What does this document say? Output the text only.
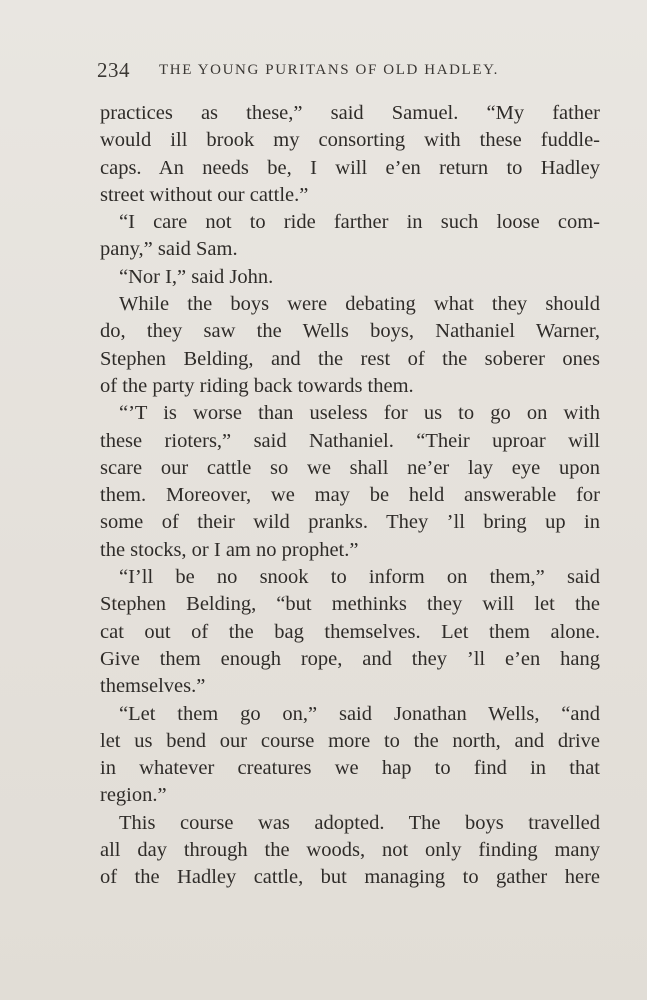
234 THE YOUNG PURITANS OF OLD HADLEY.
practices as these,” said Samuel. “My father
would ill brook my consorting with these fuddle-
caps. An needs be, I will e’en return to Hadley
street without our cattle.”
“I care not to ride farther in such loose com-
pany,” said Sam.
“Nor I,” said John.
While the boys were debating what they should
do, they saw the Wells boys, Nathaniel Warner,
Stephen Belding, and the rest of the soberer ones
of the party riding back towards them.
“’T is worse than useless for us to go on with
these rioters,” said Nathaniel. “Their uproar will
scare our cattle so we shall ne’er lay eye upon
them. Moreover, we may be held answerable for
some of their wild pranks. They ’ll bring up in
the stocks, or I am no prophet.”
“I’ll be no snook to inform on them,” said
Stephen Belding, “but methinks they will let the
cat out of the bag themselves. Let them alone.
Give them enough rope, and they ’ll e’en hang
themselves.”
“Let them go on,” said Jonathan Wells, “and
let us bend our course more to the north, and drive
in whatever creatures we hap to find in that
region.”
This course was adopted. The boys travelled
all day through the woods, not only finding many
of the Hadley cattle, but managing to gather here
